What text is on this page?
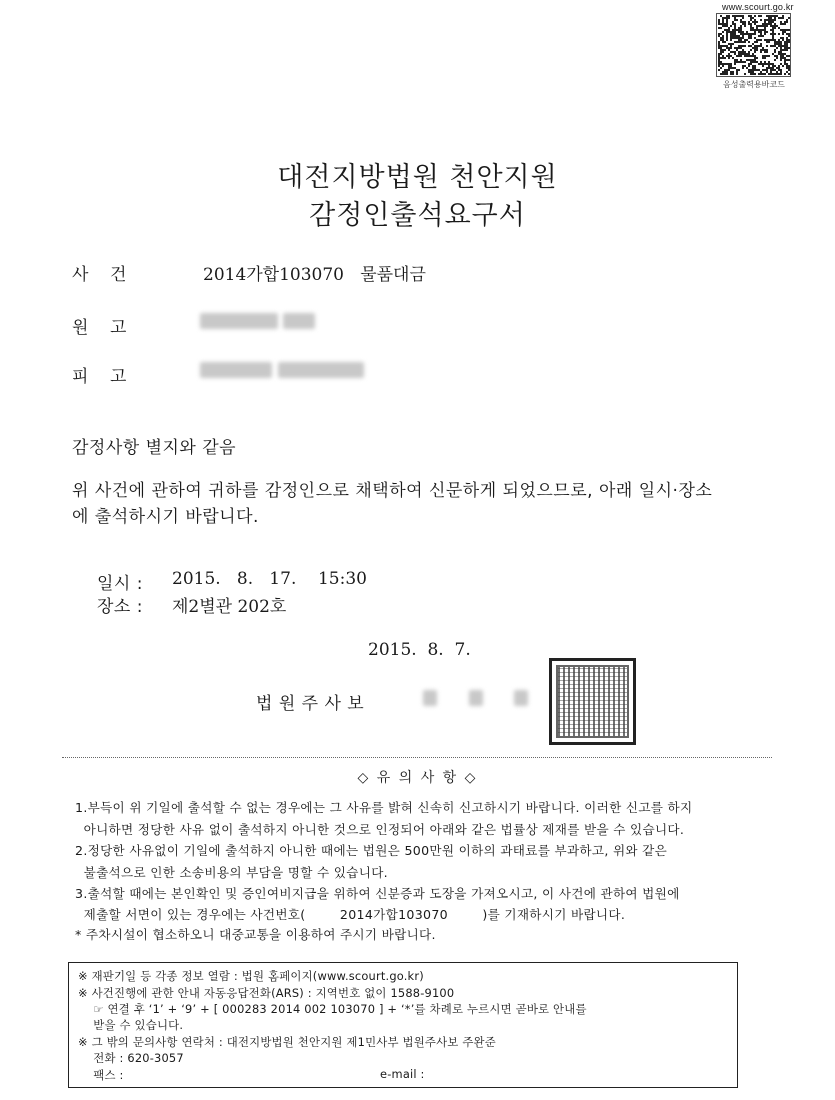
www.scourt.go.kr
음성출력용바코드
대전지방법원 천안지원
감정인출석요구서
사    건	2014가합103070   물품대금
원    고
피    고
감정사항 별지와 같음
위 사건에 관하여 귀하를 감정인으로 채택하여 신문하게 되었으므로, 아래 일시·장소
에 출석하시기 바랍니다.
일시 : 2015.   8.   17.    15:30
장소 : 제2별관 202호
2015.  8.  7.
법 원 주 사 보
◇ 유 의 사 항 ◇
1.부득이 위 기일에 출석할 수 없는 경우에는 그 사유를 밝혀 신속히 신고하시기 바랍니다. 이러한 신고를 하지
아니하면 정당한 사유 없이 출석하지 아니한 것으로 인정되어 아래와 같은 법률상 제재를 받을 수 있습니다.
2.정당한 사유없이 기일에 출석하지 아니한 때에는 법원은 500만원 이하의 과태료를 부과하고, 위와 같은
불출석으로 인한 소송비용의 부담을 명할 수 있습니다.
3.출석할 때에는 본인확인 및 증인여비지급을 위하여 신분증과 도장을 가져오시고, 이 사건에 관하여 법원에
제출할 서면이 있는 경우에는 사건번호(        2014가합103070        )를 기재하시기 바랍니다.
* 주차시설이 협소하오니 대중교통을 이용하여 주시기 바랍니다.
※ 재판기일 등 각종 정보 열람 : 법원 홈페이지(www.scourt.go.kr)
※ 사건진행에 관한 안내 자동응답전화(ARS) : 지역번호 없이 1588-9100
☞ 연결 후 ‘1’ + ‘9’ + [ 000283 2014 002 103070 ] + ‘*’를 차례로 누르시면 곧바로 안내를
받을 수 있습니다.
※ 그 밖의 문의사항 연락처 : 대전지방법원 천안지원 제1민사부 법원주사보 주완준
전화 : 620-3057
팩스 :	e-mail :
